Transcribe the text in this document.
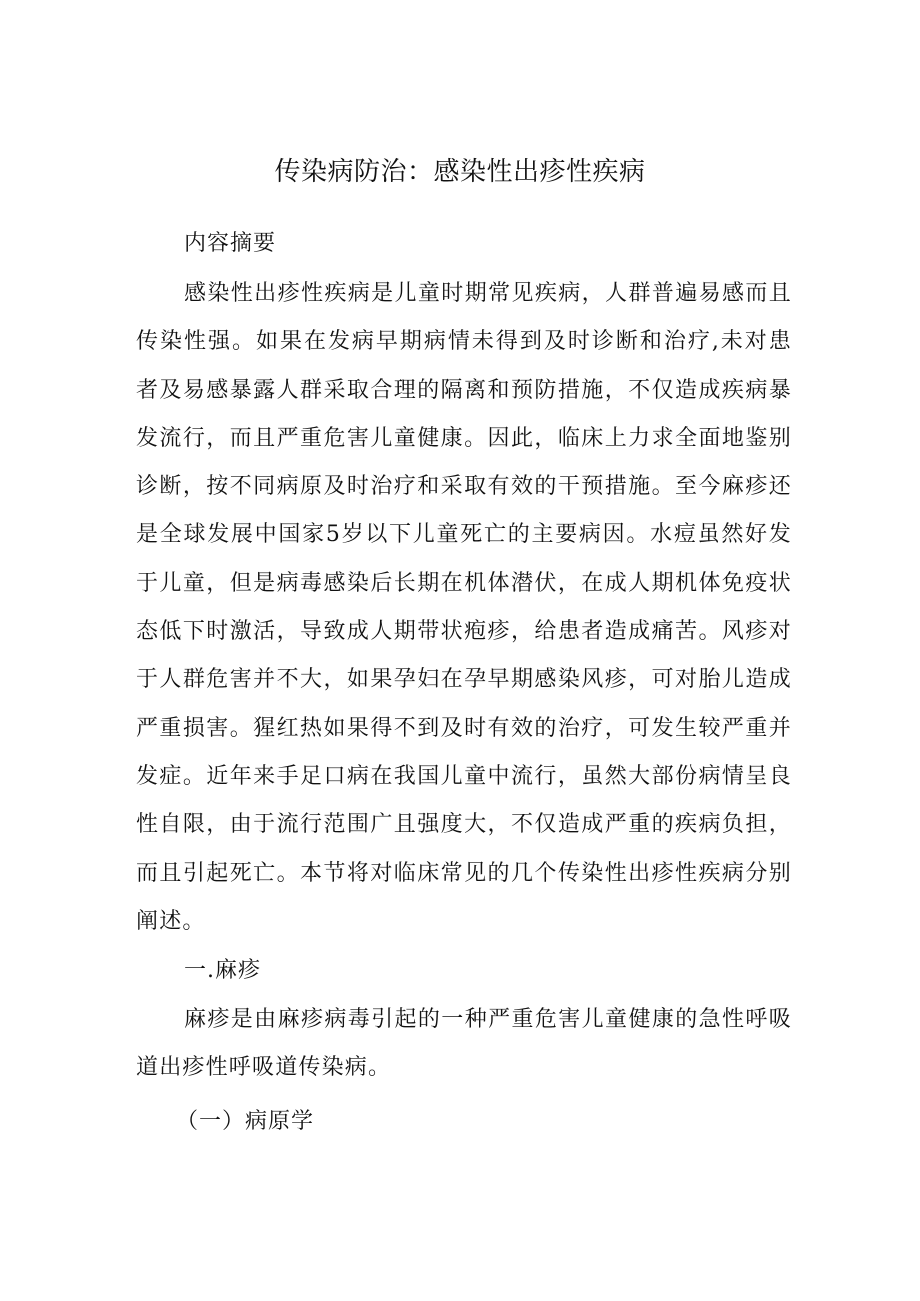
传染病防治：感染性出疹性疾病
内容摘要
感染性出疹性疾病是儿童时期常见疾病，人群普遍易感而且传染性强。如果在发病早期病情未得到及时诊断和治疗,未对患者及易感暴露人群采取合理的隔离和预防措施，不仅造成疾病暴发流行，而且严重危害儿童健康。因此，临床上力求全面地鉴别诊断，按不同病原及时治疗和采取有效的干预措施。至今麻疹还是全球发展中国家5岁以下儿童死亡的主要病因。水痘虽然好发于儿童，但是病毒感染后长期在机体潜伏，在成人期机体免疫状态低下时激活，导致成人期带状疱疹，给患者造成痛苦。风疹对于人群危害并不大，如果孕妇在孕早期感染风疹，可对胎儿造成严重损害。猩红热如果得不到及时有效的治疗，可发生较严重并发症。近年来手足口病在我国儿童中流行，虽然大部份病情呈良性自限，由于流行范围广且强度大，不仅造成严重的疾病负担，而且引起死亡。本节将对临床常见的几个传染性出疹性疾病分别阐述。
一.麻疹
麻疹是由麻疹病毒引起的一种严重危害儿童健康的急性呼吸道出疹性呼吸道传染病。
（一）病原学
